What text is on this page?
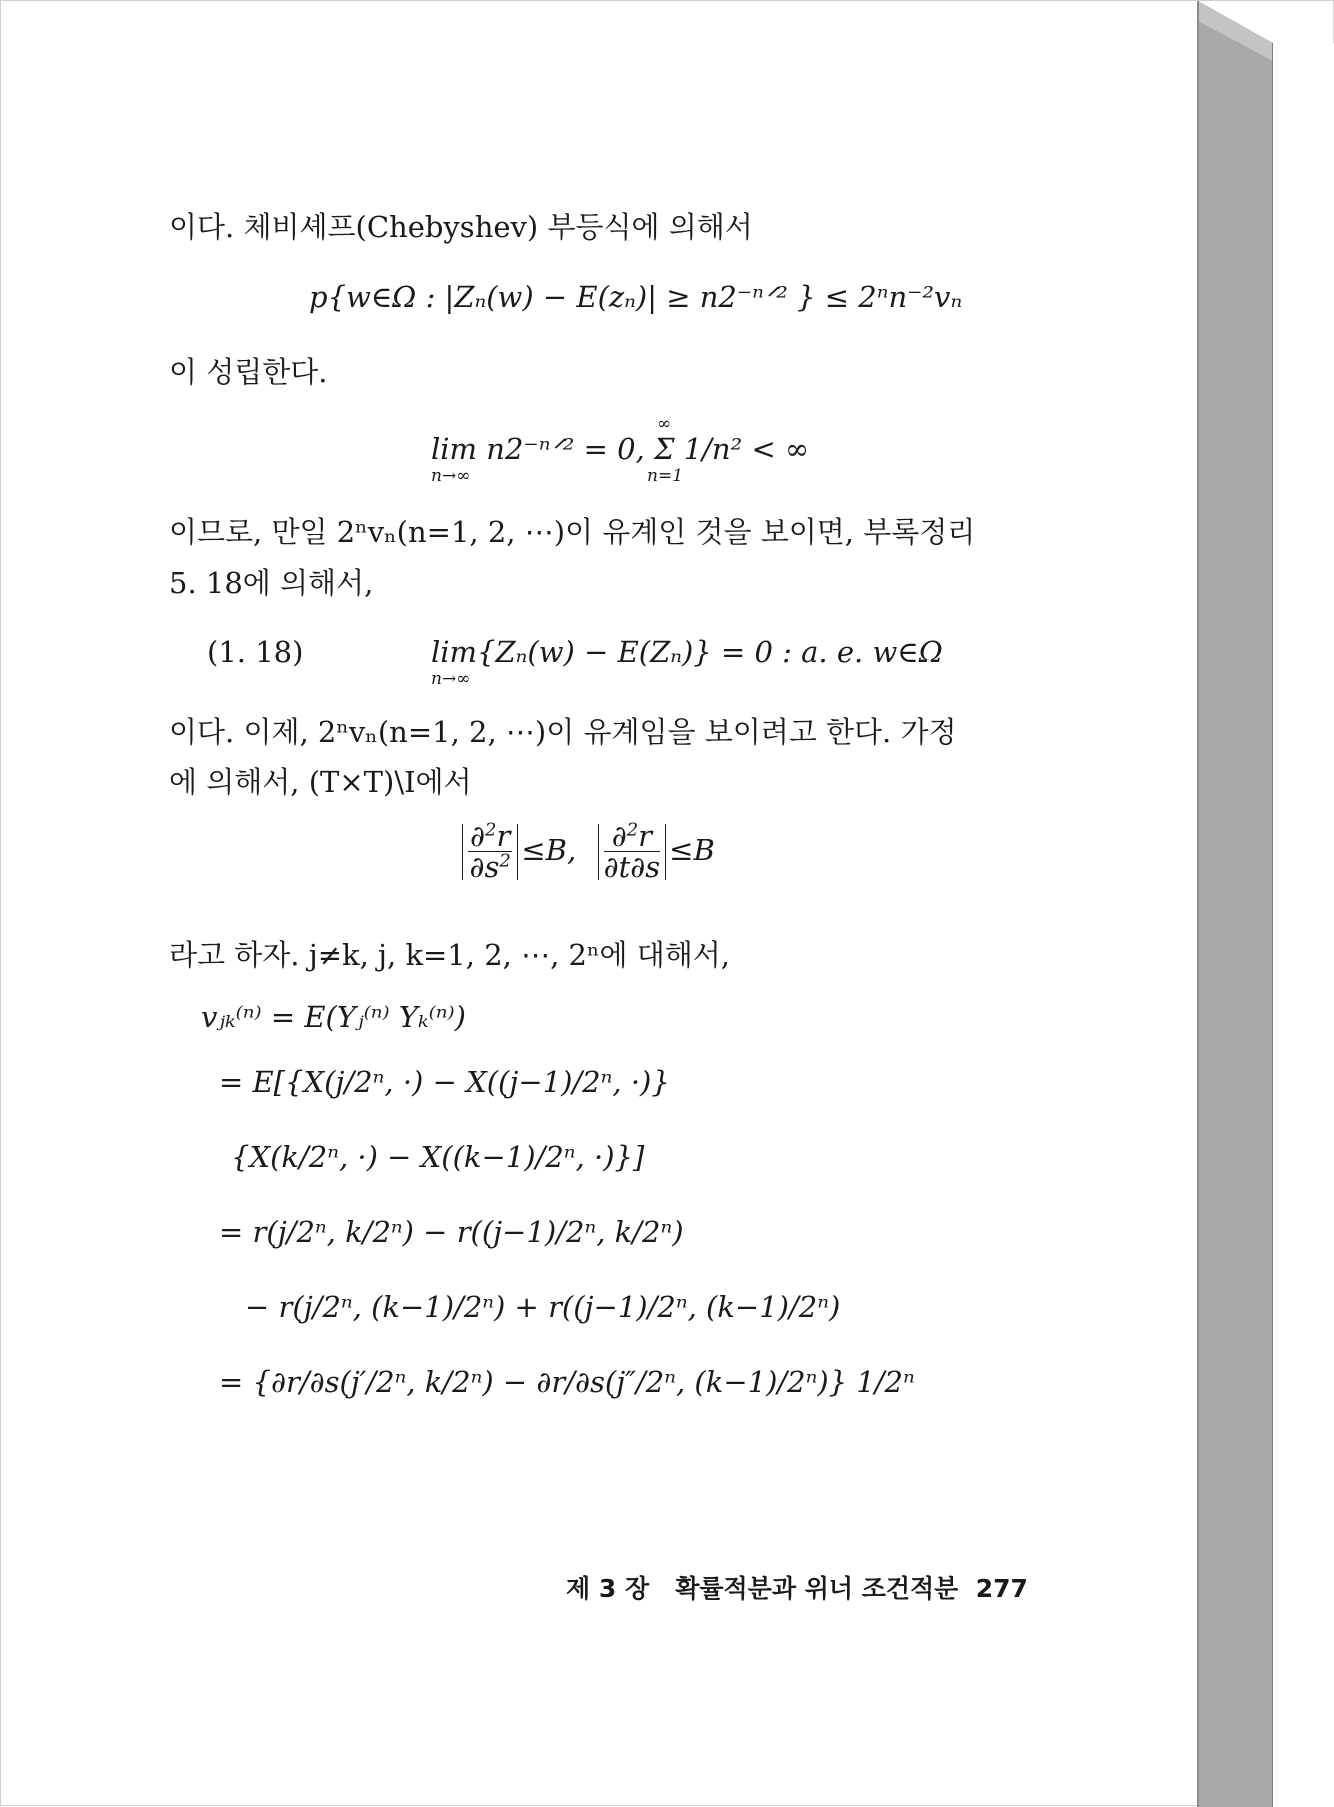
이다. 체비셰프(Chebyshev) 부등식에 의해서
p{w∈Ω : |Zₙ(w) − E(zₙ)| ≥ n2⁻ⁿᐟ² } ≤ 2ⁿn⁻²vₙ
이 성립한다.
lim n2⁻ⁿᐟ² = 0, Σ 1/n² < ∞
n→∞
∞
n=1
이므로, 만일 2ⁿvₙ(n=1, 2, ⋯)이 유계인 것을 보이면, 부록정리
5. 18에 의해서,
(1. 18)	lim{Zₙ(w) − E(Zₙ)} = 0 : a. e. w∈Ω
n→∞
이다. 이제, 2ⁿvₙ(n=1, 2, ⋯)이 유계임을 보이려고 한다. 가정
에 의해서, (T×T)\I에서
$\frac{\partial^2r}{\partial s^2} \le B$, $\frac{\partial^2r}{\partial t\partial s} \le B$
라고 하자. j≠k, j, k=1, 2, ⋯, 2ⁿ에 대해서,
vⱼₖ⁽ⁿ⁾ = E(Yⱼ⁽ⁿ⁾ Yₖ⁽ⁿ⁾)
= E[{X(j/2ⁿ, ·) − X((j−1)/2ⁿ, ·)}
{X(k/2ⁿ, ·) − X((k−1)/2ⁿ, ·)}]
= r(j/2ⁿ, k/2ⁿ) − r((j−1)/2ⁿ, k/2ⁿ)
− r(j/2ⁿ, (k−1)/2ⁿ) + r((j−1)/2ⁿ, (k−1)/2ⁿ)
= {∂r/∂s(j′/2ⁿ, k/2ⁿ) − ∂r/∂s(j″/2ⁿ, (k−1)/2ⁿ)} 1/2ⁿ
제 3 장 확률적분과 위너 조건적분 277
